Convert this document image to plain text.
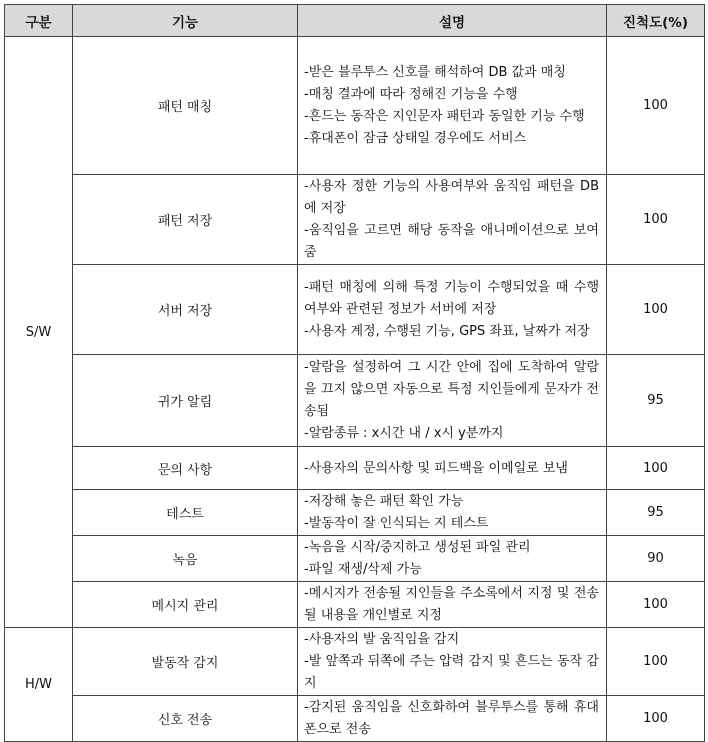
구분	기능	설명	진척도(%)
S/W	패턴 매칭	-받은 블루투스 신호를 해석하여 DB 값과 매칭
-매칭 결과에 따라 정해진 기능을 수행
-흔드는 동작은 지인문자 패턴과 동일한 기능 수행
-휴대폰이 잠금 상태일 경우에도 서비스	100
	패턴 저장	-사용자 정한 기능의 사용여부와 움직임 패턴을 DB에 저장
-움직임을 고르면 해당 동작을 애니메이션으로 보여줌	100
	서버 저장	-패턴 매칭에 의해 특정 기능이 수행되었을 때 수행여부와 관련된 정보가 서버에 저장
-사용자 계정, 수행된 기능, GPS 좌표, 날짜가 저장	100
	귀가 알림	-알람을 설정하여 그 시간 안에 집에 도착하여 알람을 끄지 않으면 자동으로 특정 지인들에게 문자가 전송됨
-알람종류 : x시간 내 / x시 y분까지	95
	문의 사항	-사용자의 문의사항 및 피드백을 이메일로 보냄	100
	테스트	-저장해 놓은 패턴 확인 가능
-발동작이 잘 인식되는 지 테스트	95
	녹음	-녹음을 시작/중지하고 생성된 파일 관리
-파일 재생/삭제 가능	90
	메시지 관리	-메시지가 전송될 지인들을 주소록에서 지정 및 전송될 내용을 개인별로 지정	100
H/W	발동작 감지	-사용자의 발 움직임을 감지
-발 앞쪽과 뒤쪽에 주는 압력 감지 및 흔드는 동작 감지	100
	신호 전송	-감지된 움직임을 신호화하여 블루투스를 통해 휴대폰으로 전송	100
